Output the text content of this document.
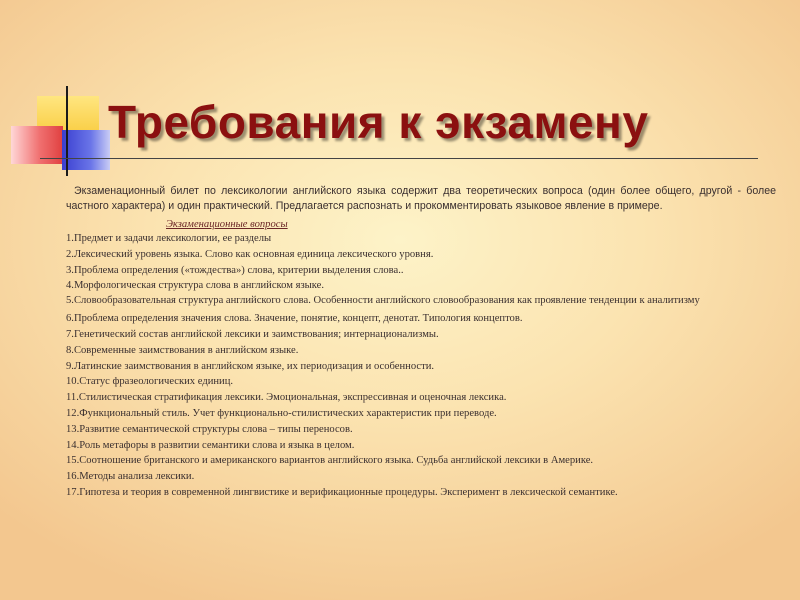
Требования к экзамену

Экзаменационный билет по лексикологии английского языка содержит два теоретических вопроса (один более общего, другой - более частного характера) и один практический. Предлагается распознать и прокомментировать языковое явление в примере.

Экзаменационные вопросы
1.Предмет и задачи лексикологии, ее разделы
2.Лексический уровень языка. Слово как основная единица лексического уровня.
3.Проблема определения («тождества») слова, критерии выделения слова..
4.Морфологическая структура слова в английском языке.
5.Словообразовательная структура английского слова. Особенности английского словообразования как проявление тенденции к аналитизму
6.Проблема определения значения слова. Значение, понятие, концепт, денотат. Типология концептов.
7.Генетический состав английской лексики и заимствования; интернационализмы.
8.Современные заимствования в английском языке.
9.Латинские заимствования в английском языке, их периодизация и особенности.
10.Статус фразеологических единиц.
11.Стилистическая стратификация лексики. Эмоциональная, экспрессивная и оценочная лексика.
12.Функциональный стиль. Учет функционально-стилистических характеристик при переводе.
13.Развитие семантической структуры слова – типы переносов.
14.Роль метафоры в развитии семантики слова и языка в целом.
15.Соотношение британского и американского вариантов английского языка. Судьба английской лексики в Америке.
16.Методы анализа лексики.
17.Гипотеза и теория в современной лингвистике и верификационные процедуры. Эксперимент в лексической семантике.
